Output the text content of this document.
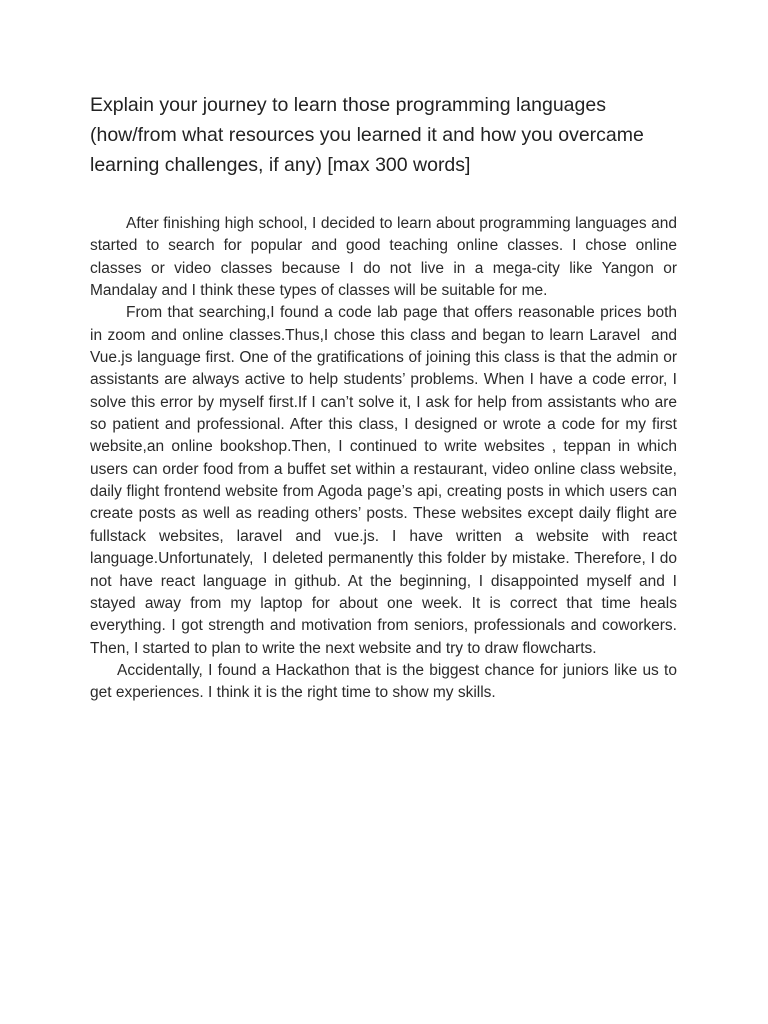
Explain your journey to learn those programming languages (how/from what resources you learned it and how you overcame learning challenges, if any) [max 300 words]

After finishing high school, I decided to learn about programming languages and started to search for popular and good teaching online classes. I chose online classes or video classes because I do not live in a mega-city like Yangon or Mandalay and I think these types of classes will be suitable for me.

From that searching,I found a code lab page that offers reasonable prices both in zoom and online classes.Thus,I chose this class and began to learn Laravel  and Vue.js language first. One of the gratifications of joining this class is that the admin or assistants are always active to help students’ problems. When I have a code error, I solve this error by myself first.If I can’t solve it, I ask for help from assistants who are so patient and professional. After this class, I designed or wrote a code for my first website,an online bookshop.Then, I continued to write websites , teppan in which users can order food from a buffet set within a restaurant, video online class website, daily flight frontend website from Agoda page’s api, creating posts in which users can create posts as well as reading others’ posts. These websites except daily flight are fullstack websites, laravel and vue.js. I have written a website with react language.Unfortunately,  I deleted permanently this folder by mistake. Therefore, I do not have react language in github. At the beginning, I disappointed myself and I stayed away from my laptop for about one week. It is correct that time heals everything. I got strength and motivation from seniors, professionals and coworkers. Then, I started to plan to write the next website and try to draw flowcharts.

Accidentally, I found a Hackathon that is the biggest chance for juniors like us to get experiences. I think it is the right time to show my skills.
